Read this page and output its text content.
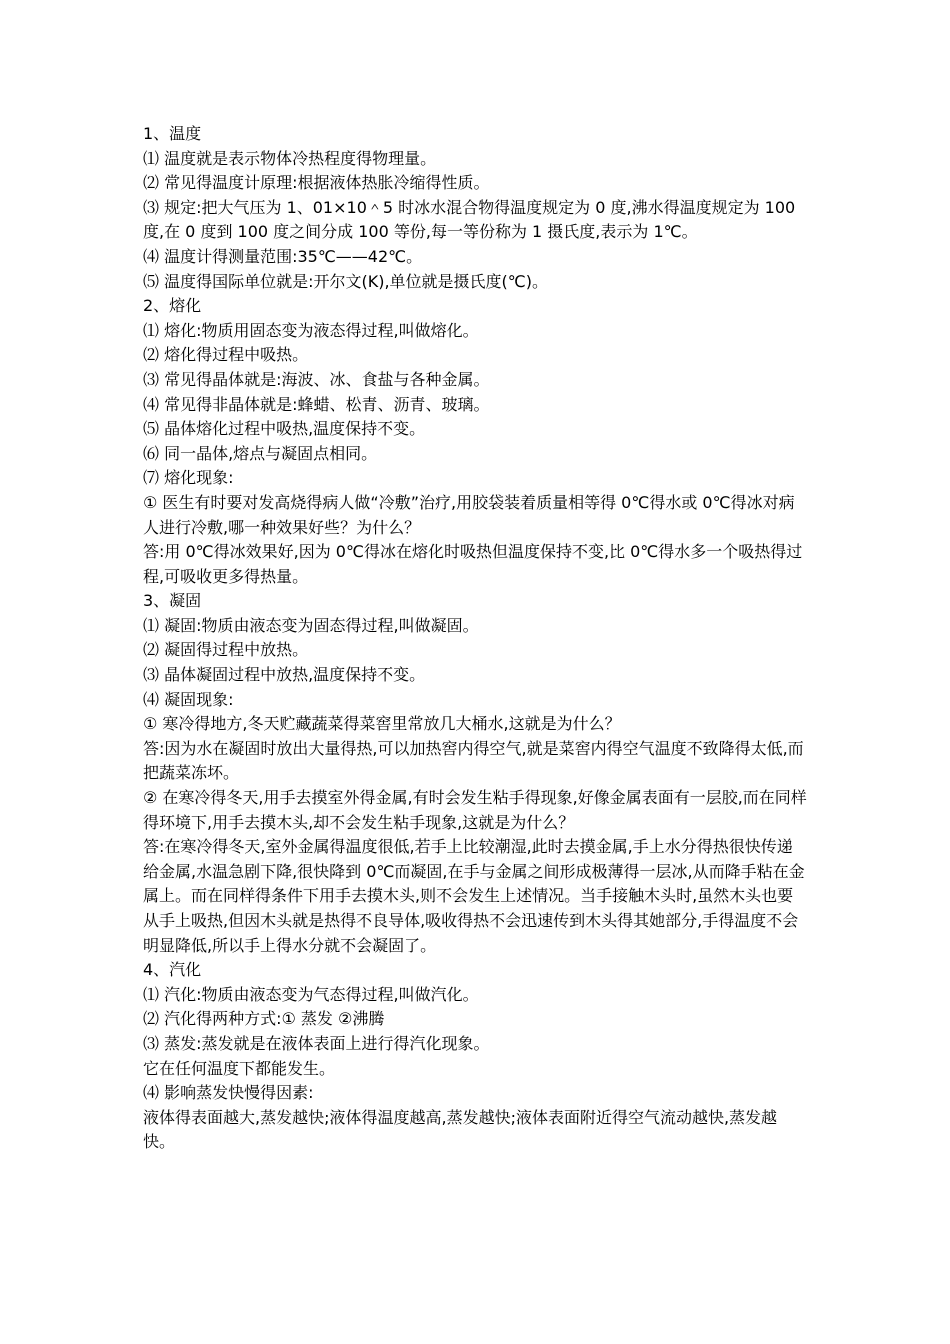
1、温度

⑴ 温度就是表示物体冷热程度得物理量。

⑵ 常见得温度计原理:根据液体热胀冷缩得性质。

⑶ 规定:把大气压为 1、01×10＾5 时冰水混合物得温度规定为 0 度,沸水得温度规定为 100 度,在 0 度到 100 度之间分成 100 等份,每一等份称为 1 摄氏度,表示为 1℃。

⑷ 温度计得测量范围:35℃——42℃。

⑸ 温度得国际单位就是:开尔文(K),单位就是摄氏度(℃)。

2、熔化

⑴ 熔化:物质用固态变为液态得过程,叫做熔化。

⑵ 熔化得过程中吸热。

⑶ 常见得晶体就是:海波、冰、食盐与各种金属。

⑷ 常见得非晶体就是:蜂蜡、松青、沥青、玻璃。

⑸ 晶体熔化过程中吸热,温度保持不变。

⑹ 同一晶体,熔点与凝固点相同。

⑺ 熔化现象:

① 医生有时要对发高烧得病人做“冷敷”治疗,用胶袋装着质量相等得 0℃得水或 0℃得冰对病人进行冷敷,哪一种效果好些？为什么？

答:用 0℃得冰效果好,因为 0℃得冰在熔化时吸热但温度保持不变,比 0℃得水多一个吸热得过程,可吸收更多得热量。

3、凝固

⑴ 凝固:物质由液态变为固态得过程,叫做凝固。

⑵ 凝固得过程中放热。

⑶ 晶体凝固过程中放热,温度保持不变。

⑷ 凝固现象:

① 寒冷得地方,冬天贮藏蔬菜得菜窖里常放几大桶水,这就是为什么？

答:因为水在凝固时放出大量得热,可以加热窖内得空气,就是菜窖内得空气温度不致降得太低,而把蔬菜冻坏。

② 在寒冷得冬天,用手去摸室外得金属,有时会发生粘手得现象,好像金属表面有一层胶,而在同样得环境下,用手去摸木头,却不会发生粘手现象,这就是为什么？

答:在寒冷得冬天,室外金属得温度很低,若手上比较潮湿,此时去摸金属,手上水分得热很快传递给金属,水温急剧下降,很快降到 0℃而凝固,在手与金属之间形成极薄得一层冰,从而降手粘在金属上。而在同样得条件下用手去摸木头,则不会发生上述情况。当手接触木头时,虽然木头也要从手上吸热,但因木头就是热得不良导体,吸收得热不会迅速传到木头得其她部分,手得温度不会明显降低,所以手上得水分就不会凝固了。

4、汽化

⑴ 汽化:物质由液态变为气态得过程,叫做汽化。

⑵ 汽化得两种方式:① 蒸发 ②沸腾

⑶ 蒸发:蒸发就是在液体表面上进行得汽化现象。

它在任何温度下都能发生。

⑷ 影响蒸发快慢得因素:

液体得表面越大,蒸发越快;液体得温度越高,蒸发越快;液体表面附近得空气流动越快,蒸发越快。
